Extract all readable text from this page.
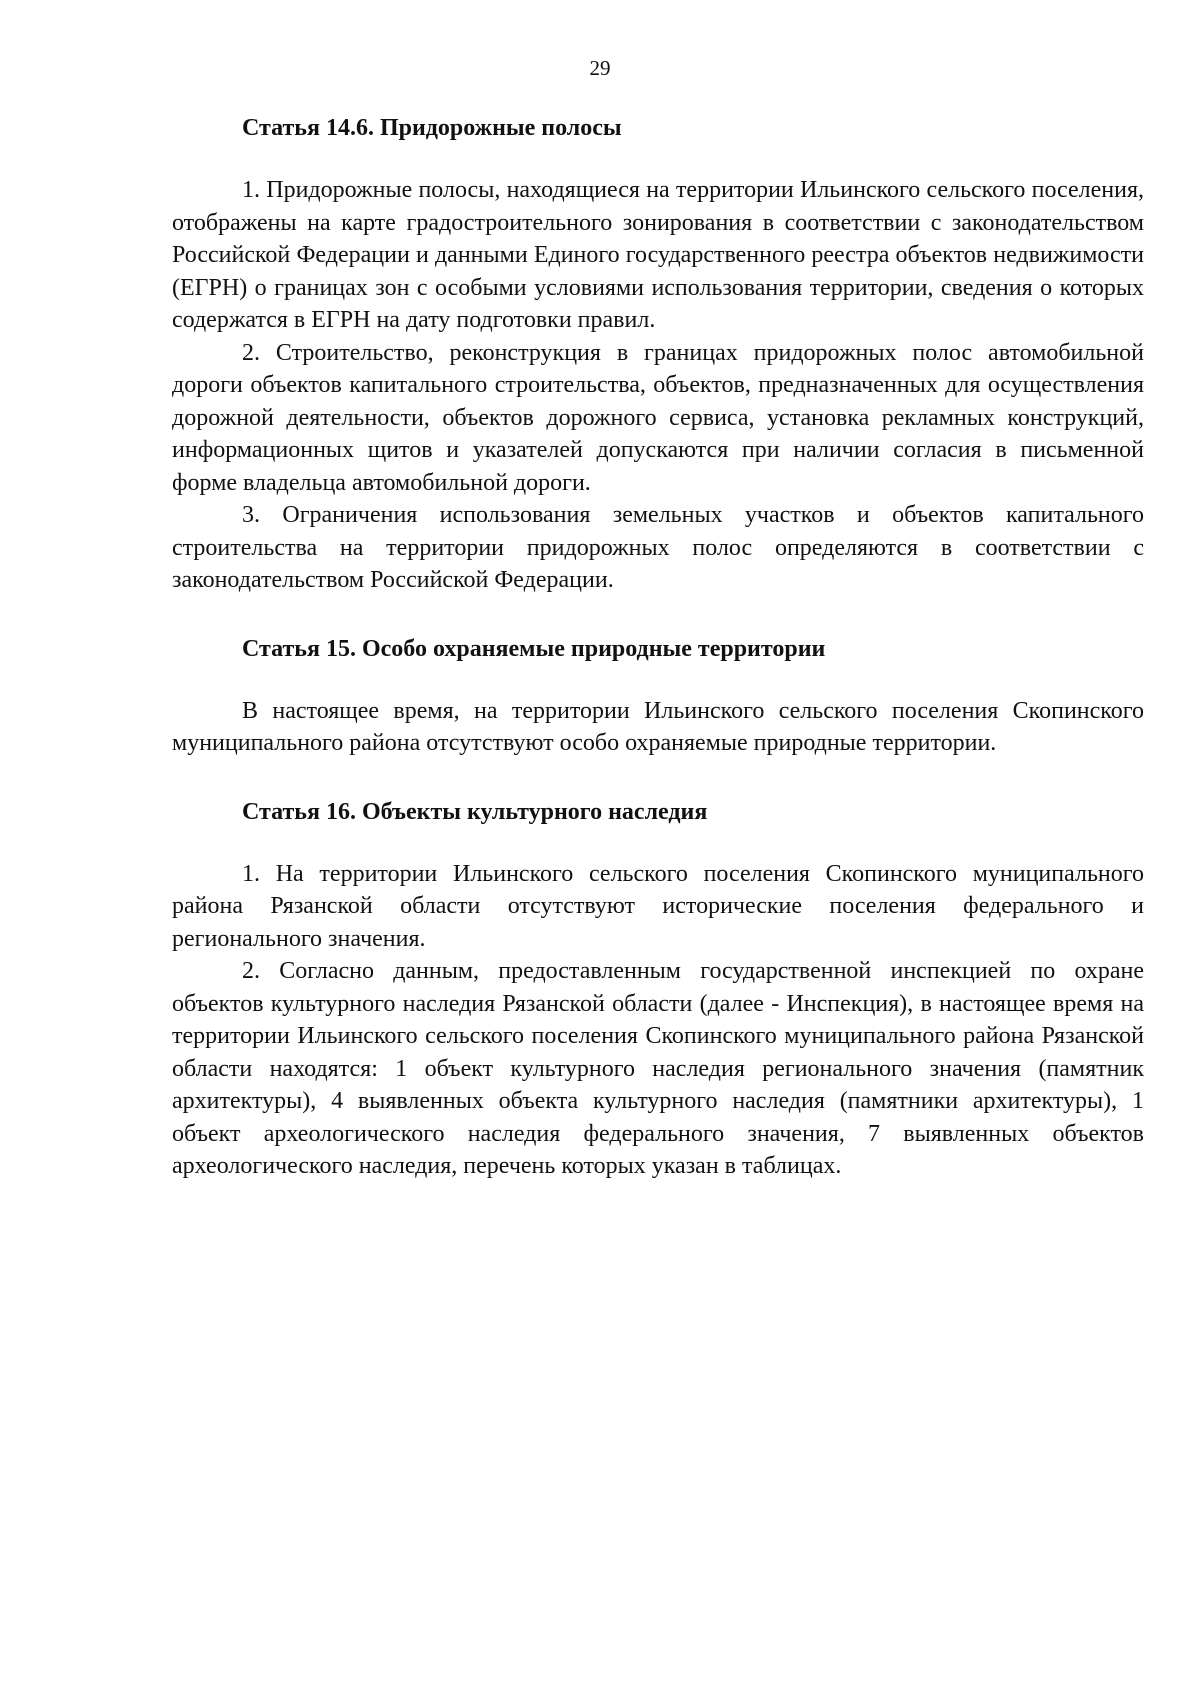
29
Статья 14.6. Придорожные полосы

1. Придорожные полосы, находящиеся на территории Ильинского сельского поселения, отображены на карте градостроительного зонирования в соответствии с законодательством Российской Федерации и данными Единого государственного реестра объектов недвижимости (ЕГРН) о границах зон с особыми условиями использования территории, сведения о которых содержатся в ЕГРН на дату подготовки правил.

2. Строительство, реконструкция в границах придорожных полос автомобильной дороги объектов капитального строительства, объектов, предназначенных для осуществления дорожной деятельности, объектов дорожного сервиса, установка рекламных конструкций, информационных щитов и указателей допускаются при наличии согласия в письменной форме владельца автомобильной дороги.

3. Ограничения использования земельных участков и объектов капитального строительства на территории придорожных полос определяются в соответствии с законодательством Российской Федерации.

Статья 15. Особо охраняемые природные территории

В настоящее время, на территории Ильинского сельского поселения Скопинского муниципального района отсутствуют особо охраняемые природные территории.

Статья 16. Объекты культурного наследия

1. На территории Ильинского сельского поселения Скопинского муниципального района Рязанской области отсутствуют исторические поселения федерального и регионального значения.

2. Согласно данным, предоставленным государственной инспекцией по охране объектов культурного наследия Рязанской области (далее - Инспекция), в настоящее время на территории Ильинского сельского поселения Скопинского муниципального района Рязанской области находятся: 1 объект культурного наследия регионального значения (памятник архитектуры), 4 выявленных объекта культурного наследия (памятники архитектуры), 1 объект археологического наследия федерального значения, 7 выявленных объектов археологического наследия, перечень которых указан в таблицах.
